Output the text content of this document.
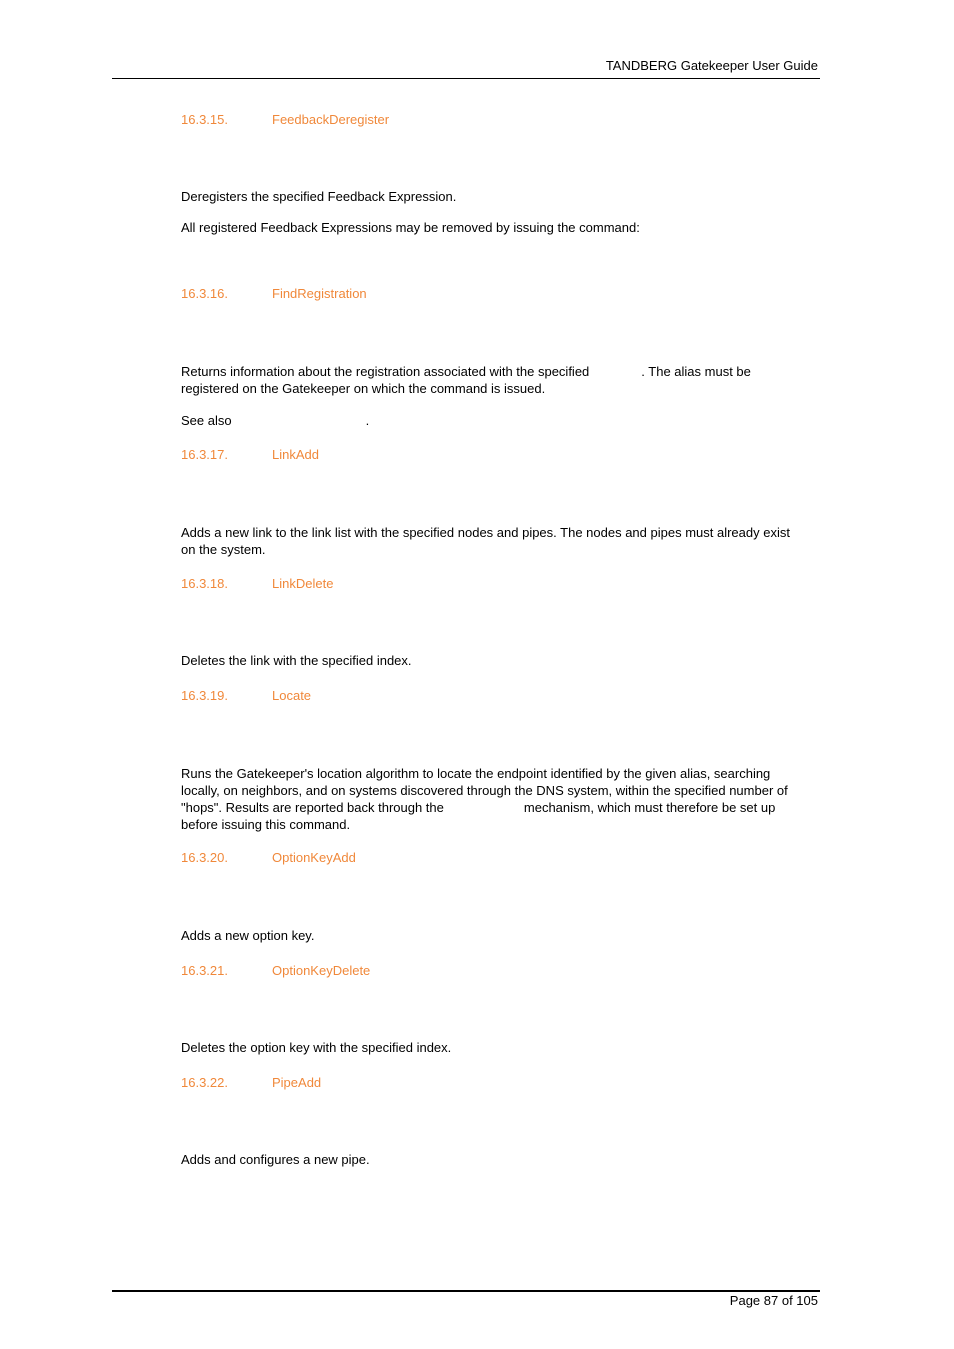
TANDBERG Gatekeeper User Guide
16.3.15.	FeedbackDeregister
Deregisters the specified Feedback Expression.
All registered Feedback Expressions may be removed by issuing the command:
16.3.16.	FindRegistration
Returns information about the registration associated with the specified	. The alias must be registered on the Gatekeeper on which the command is issued.
See also	.
16.3.17.	LinkAdd
Adds a new link to the link list with the specified nodes and pipes. The nodes and pipes must already exist on the system.
16.3.18.	LinkDelete
Deletes the link with the specified index.
16.3.19.	Locate
Runs the Gatekeeper's location algorithm to locate the endpoint identified by the given alias, searching locally, on neighbors, and on systems discovered through the DNS system, within the specified number of "hops". Results are reported back through the	mechanism, which must therefore be set up before issuing this command.
16.3.20.	OptionKeyAdd
Adds a new option key.
16.3.21.	OptionKeyDelete
Deletes the option key with the specified index.
16.3.22.	PipeAdd
Adds and configures a new pipe.
Page 87 of 105
